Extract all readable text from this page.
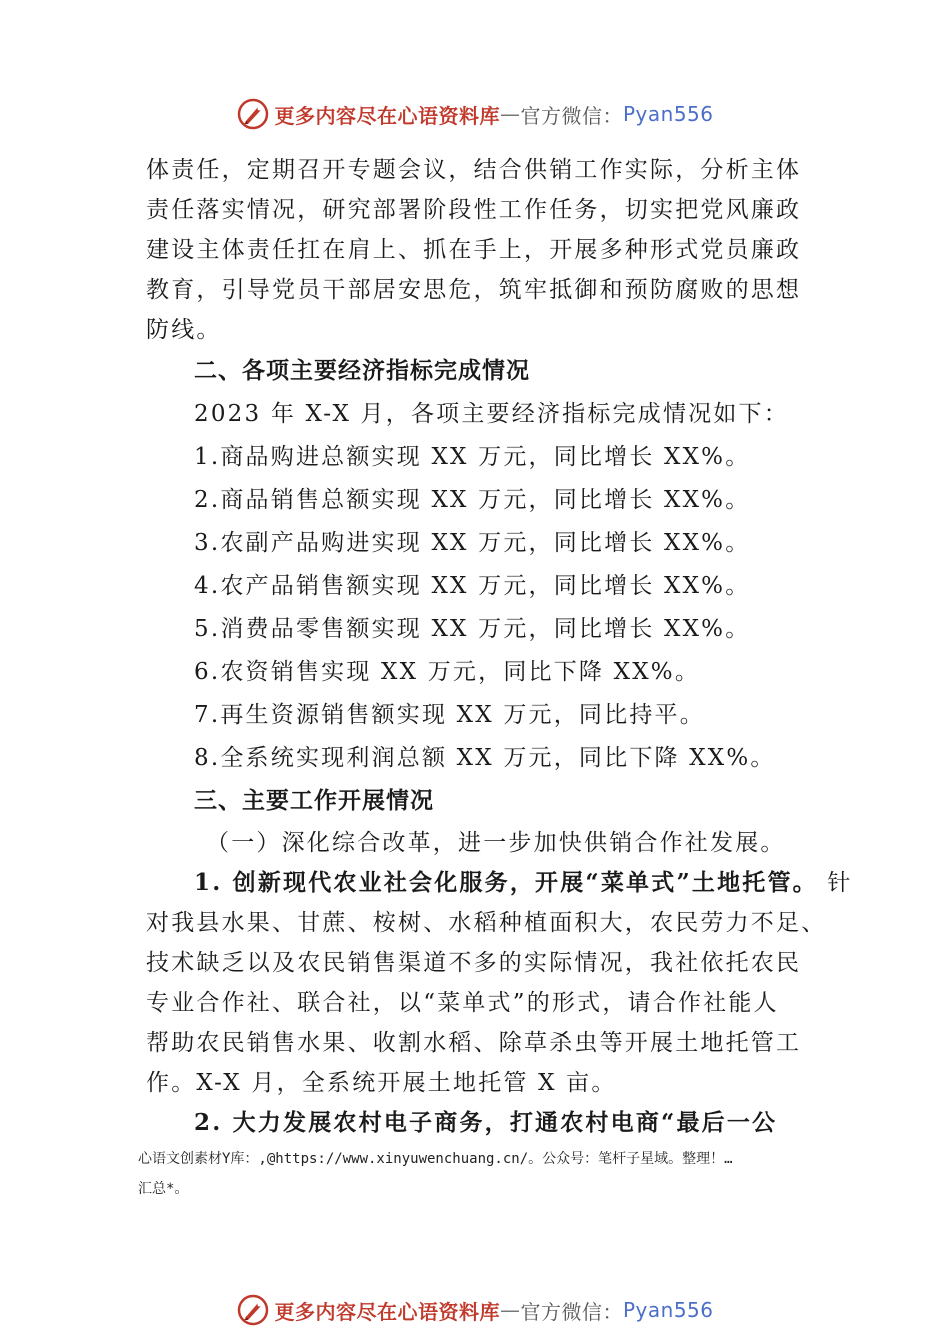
更多内容尽在心语资料库 — 官方微信： Pyan556
体责任，定期召开专题会议，结合供销工作实际，分析主体
责任落实情况，研究部署阶段性工作任务，切实把党风廉政
建设主体责任扛在肩上、抓在手上，开展多种形式党员廉政
教育，引导党员干部居安思危，筑牢抵御和预防腐败的思想
防线。
二、各项主要经济指标完成情况
2023 年 X-X 月，各项主要经济指标完成情况如下：
1.商品购进总额实现 XX 万元，同比增长 XX%。
2.商品销售总额实现 XX 万元，同比增长 XX%。
3.农副产品购进实现 XX 万元，同比增长 XX%。
4.农产品销售额实现 XX 万元，同比增长 XX%。
5.消费品零售额实现 XX 万元，同比增长 XX%。
6.农资销售实现 XX 万元，同比下降 XX%。
7.再生资源销售额实现 XX 万元，同比持平。
8.全系统实现利润总额 XX 万元，同比下降 XX%。
三、主要工作开展情况
（一）深化综合改革，进一步加快供销合作社发展。
1. 创新现代农业社会化服务，开展“菜单式”土地托管。 针
对我县水果、甘蔗、桉树、水稻种植面积大，农民劳力不足、
技术缺乏以及农民销售渠道不多的实际情况，我社依托农民
专业合作社、联合社，以“菜单式”的形式，请合作社能人
帮助农民销售水果、收割水稻、除草杀虫等开展土地托管工
作。X-X 月，全系统开展土地托管 X 亩。
2. 大力发展农村电子商务，打通农村电商“最后一公
心语文创素材Y库：,@https://www.xinyuwenchuang.cn/。公众号：笔杆子星域。整理！…
汇总*。
更多内容尽在心语资料库 — 官方微信： Pyan556
